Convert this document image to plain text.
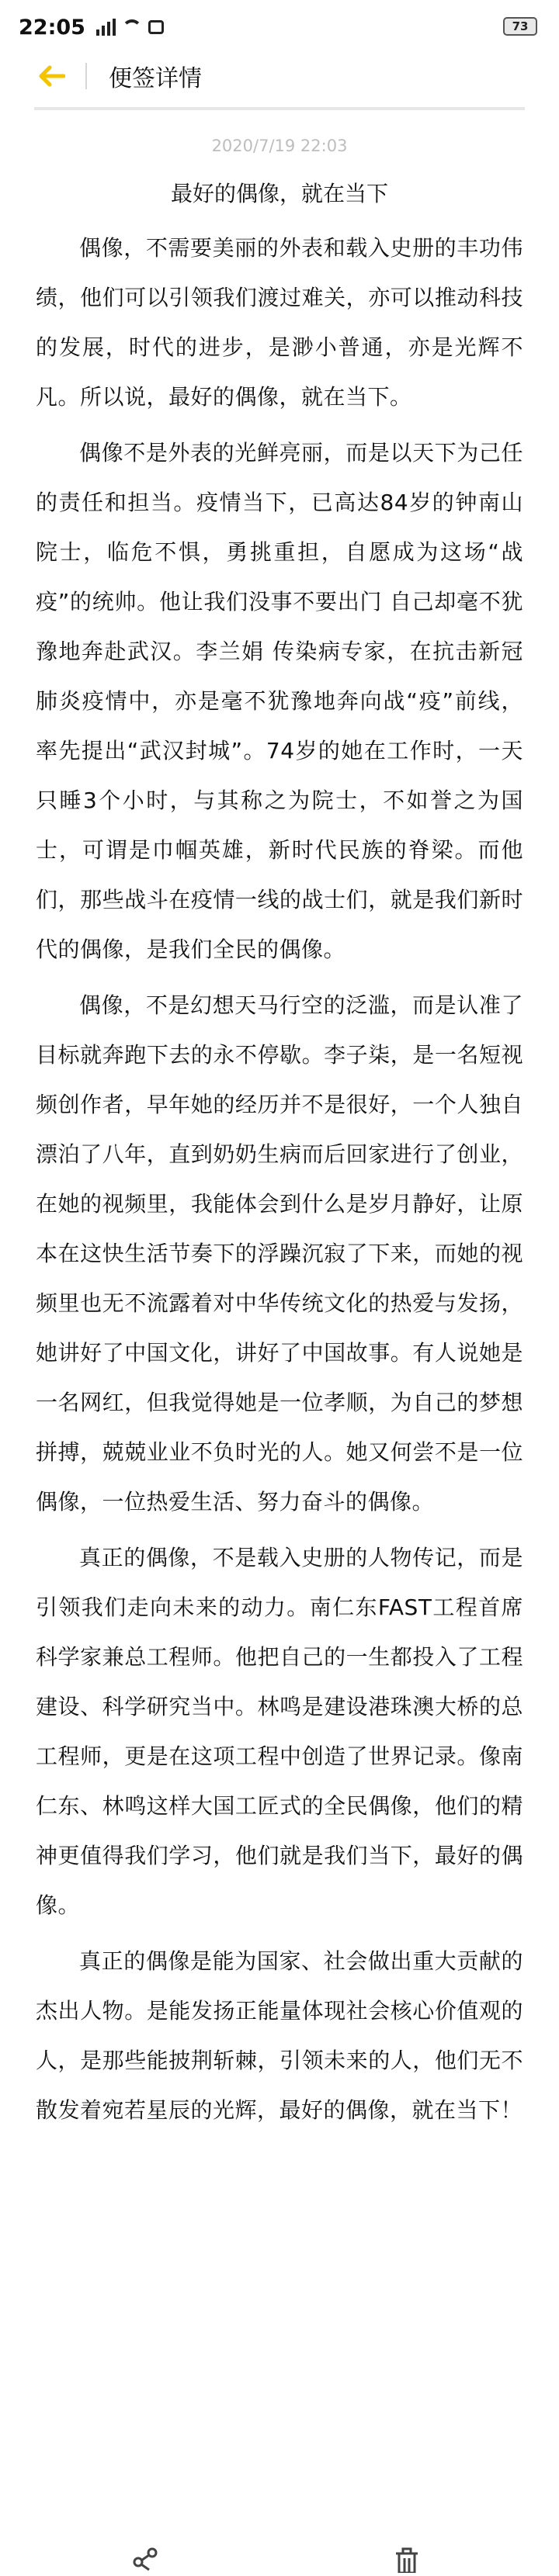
22:05	73
便签详情
2020/7/19 22:03
最好的偶像，就在当下

偶像，不需要美丽的外表和载入史册的丰功伟绩，他们可以引领我们渡过难关，亦可以推动科技的发展，时代的进步，是渺小普通，亦是光辉不凡。所以说，最好的偶像，就在当下。

偶像不是外表的光鲜亮丽，而是以天下为己任的责任和担当。疫情当下，已高达84岁的钟南山院士，临危不惧，勇挑重担，自愿成为这场“战疫”的统帅。他让我们没事不要出门 自己却毫不犹豫地奔赴武汉。李兰娟 传染病专家，在抗击新冠肺炎疫情中，亦是毫不犹豫地奔向战“疫”前线，率先提出“武汉封城”。74岁的她在工作时，一天只睡3个小时，与其称之为院士，不如誉之为国士，可谓是巾帼英雄，新时代民族的脊梁。而他们，那些战斗在疫情一线的战士们，就是我们新时代的偶像，是我们全民的偶像。

偶像，不是幻想天马行空的泛滥，而是认准了目标就奔跑下去的永不停歇。李子柒，是一名短视频创作者，早年她的经历并不是很好，一个人独自漂泊了八年，直到奶奶生病而后回家进行了创业，在她的视频里，我能体会到什么是岁月静好，让原本在这快生活节奏下的浮躁沉寂了下来，而她的视频里也无不流露着对中华传统文化的热爱与发扬，她讲好了中国文化，讲好了中国故事。有人说她是一名网红，但我觉得她是一位孝顺，为自己的梦想拼搏，兢兢业业不负时光的人。她又何尝不是一位偶像，一位热爱生活、努力奋斗的偶像。

真正的偶像，不是载入史册的人物传记，而是引领我们走向未来的动力。南仁东FAST工程首席科学家兼总工程师。他把自己的一生都投入了工程建设、科学研究当中。林鸣是建设港珠澳大桥的总工程师，更是在这项工程中创造了世界记录。像南仁东、林鸣这样大国工匠式的全民偶像，他们的精神更值得我们学习，他们就是我们当下，最好的偶像。

真正的偶像是能为国家、社会做出重大贡献的杰出人物。是能发扬正能量体现社会核心价值观的人，是那些能披荆斩棘，引领未来的人，他们无不散发着宛若星辰的光辉，最好的偶像，就在当下！
